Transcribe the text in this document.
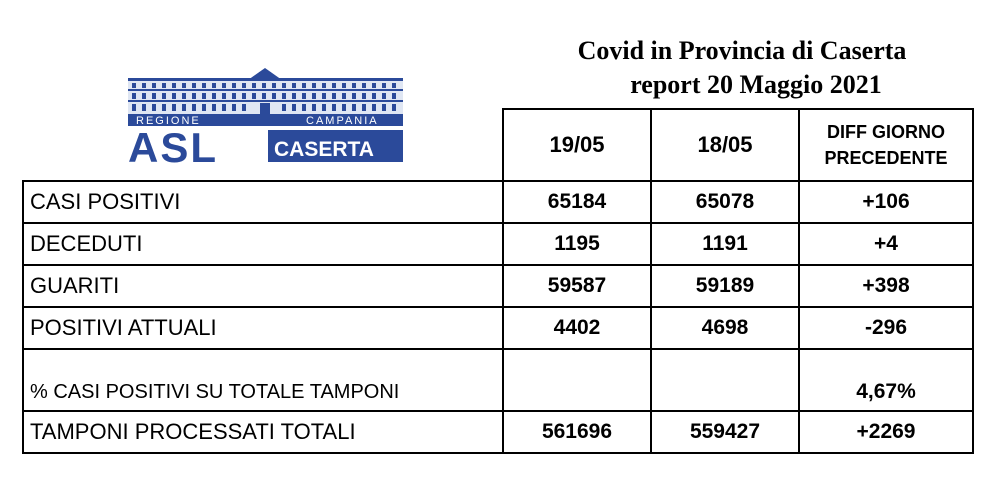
REGIONE	CAMPANIA
ASL	CASERTA
Covid in Provincia di Caserta
report 20 Maggio 2021
	19/05	18/05	DIFF GIORNO
PRECEDENTE

CASI POSITIVI	65184	65078	+106
DECEDUTI	1195	1191	+4
GUARITI	59587	59189	+398
POSITIVI ATTUALI	4402	4698	-296
% CASI POSITIVI SU TOTALE TAMPONI			4,67%
TAMPONI PROCESSATI TOTALI	561696	559427	+2269
